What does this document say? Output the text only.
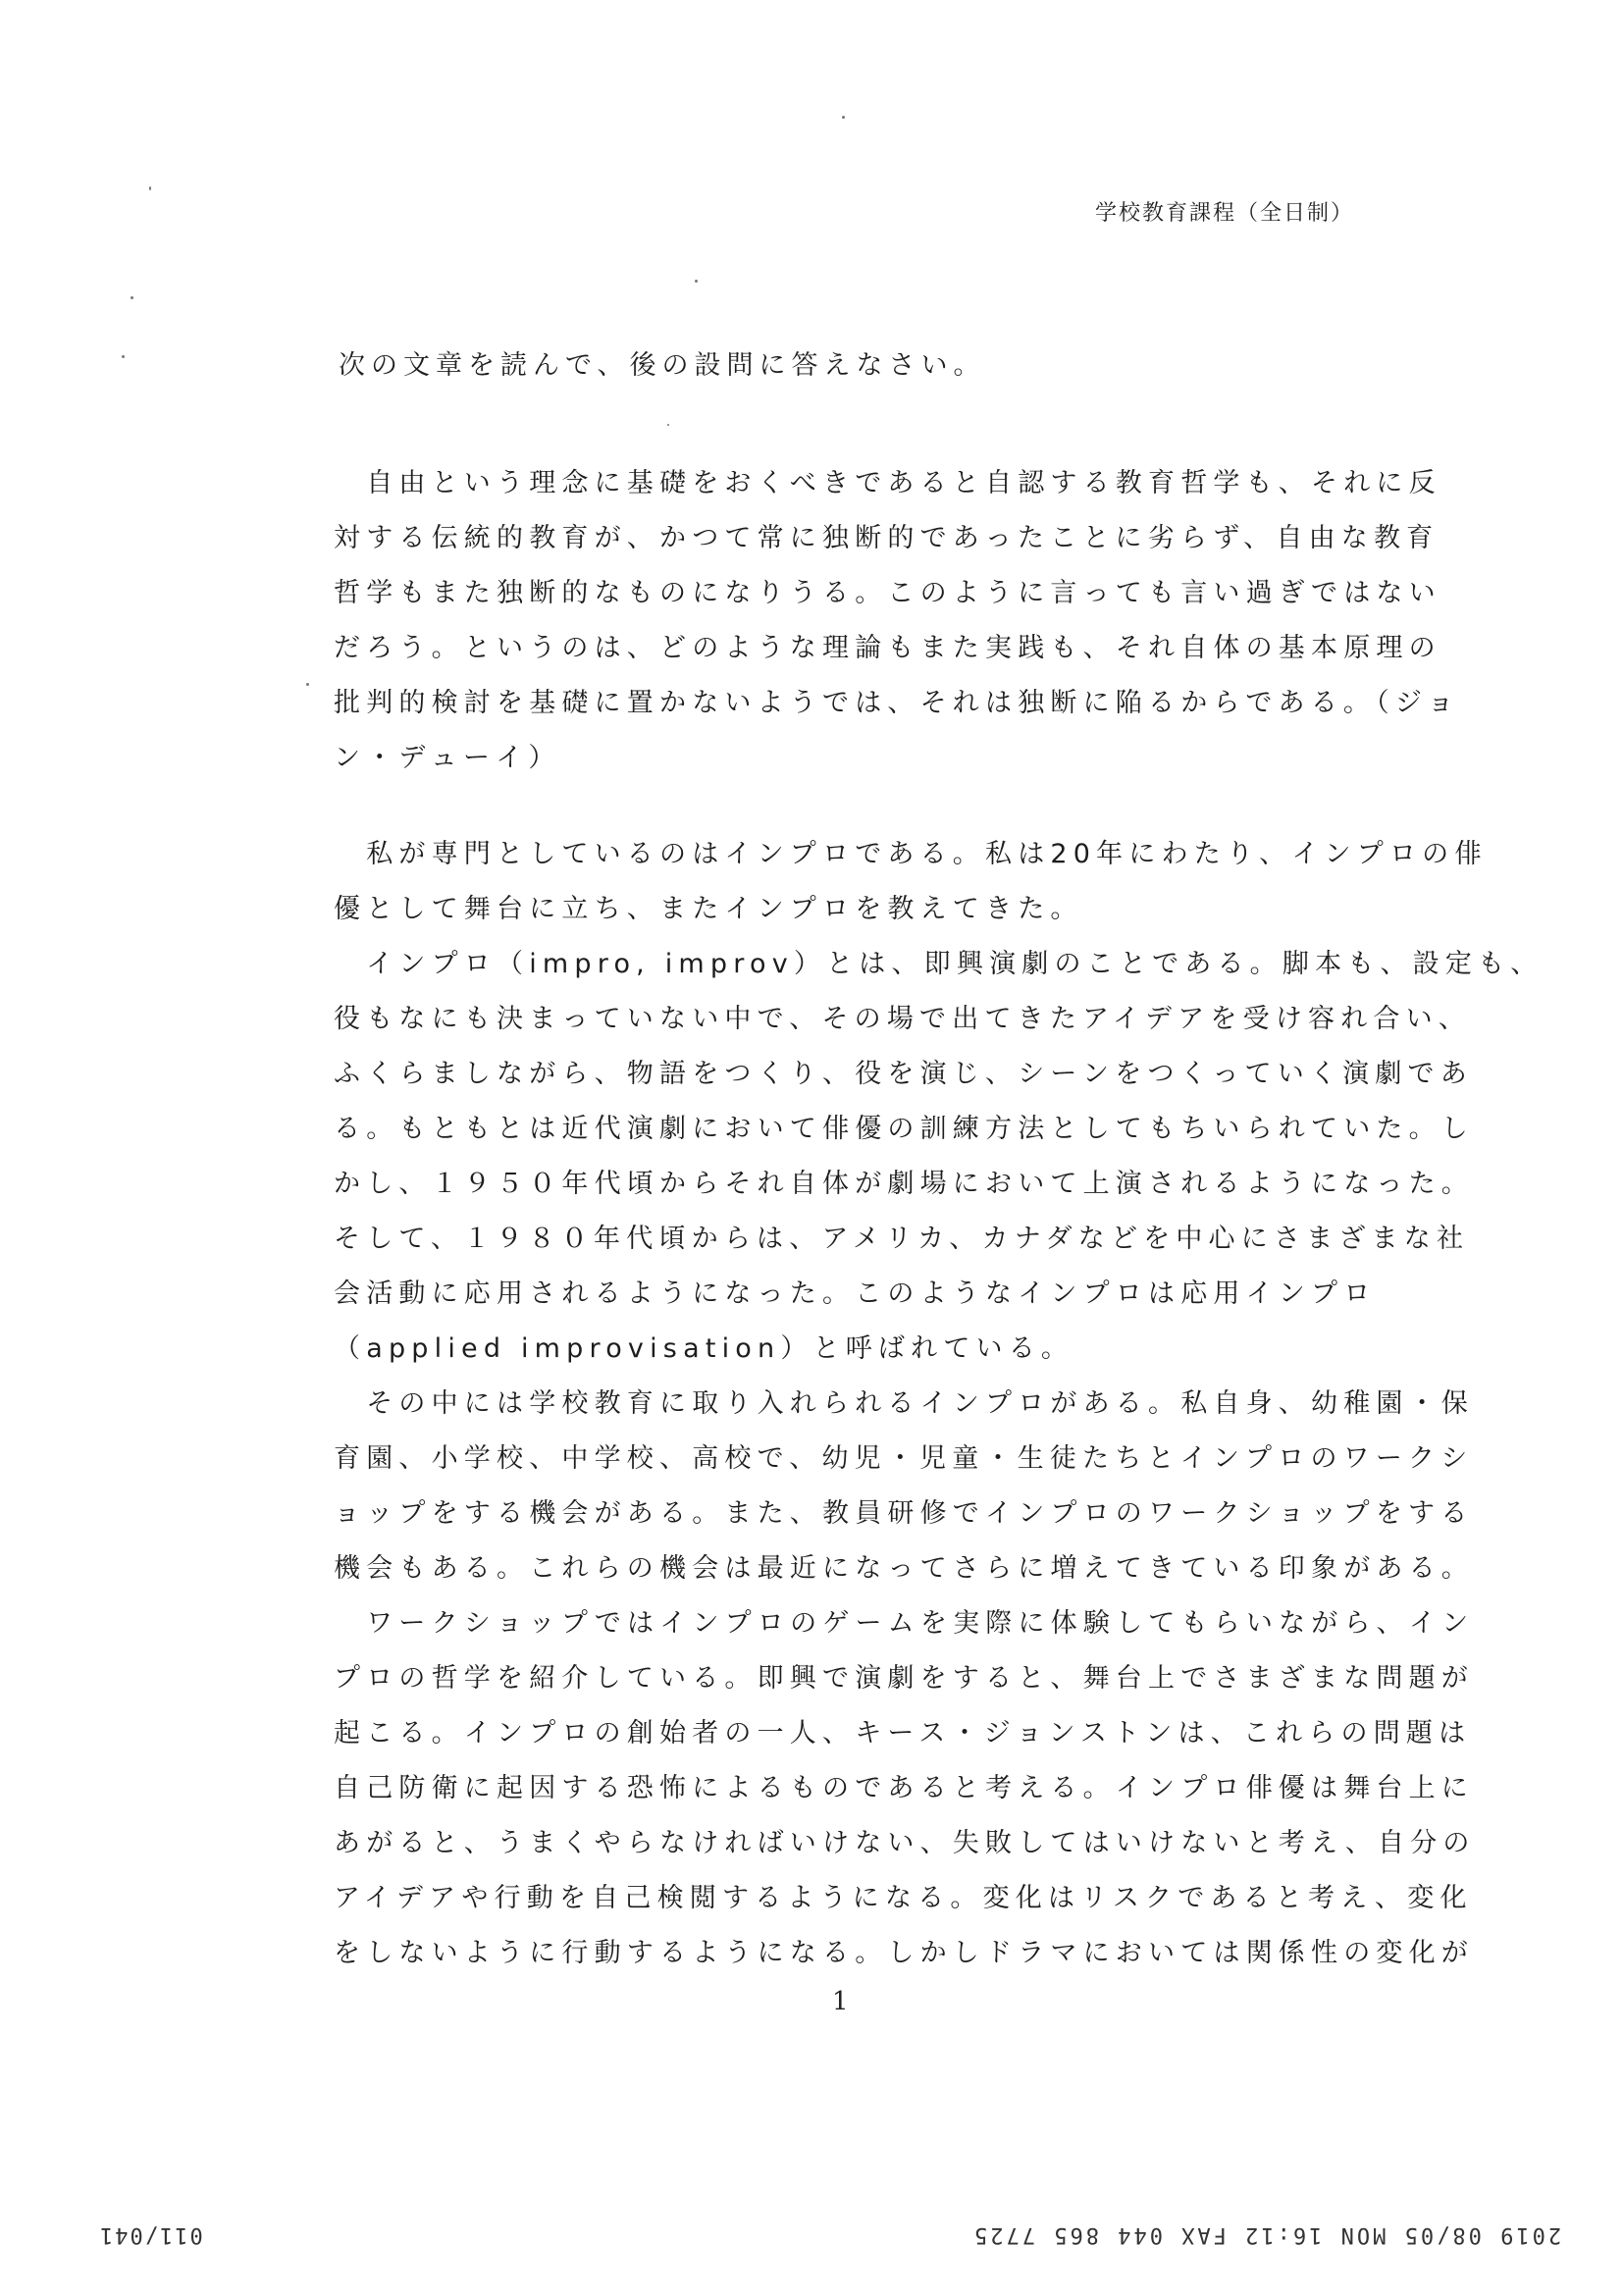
学校教育課程（全日制）
次の文章を読んで、後の設問に答えなさい。
　自由という理念に基礎をおくべきであると自認する教育哲学も、それに反
対する伝統的教育が、かつて常に独断的であったことに劣らず、自由な教育
哲学もまた独断的なものになりうる。このように言っても言い過ぎではない
だろう。というのは、どのような理論もまた実践も、それ自体の基本原理の
批判的検討を基礎に置かないようでは、それは独断に陥るからである。（ジョ
ン・デューイ）
　私が専門としているのはインプロである。私は20年にわたり、インプロの俳
優として舞台に立ち、またインプロを教えてきた。
　インプロ（impro, improv）とは、即興演劇のことである。脚本も、設定も、
役もなにも決まっていない中で、その場で出てきたアイデアを受け容れ合い、
ふくらましながら、物語をつくり、役を演じ、シーンをつくっていく演劇であ
る。もともとは近代演劇において俳優の訓練方法としてもちいられていた。し
かし、１９５０年代頃からそれ自体が劇場において上演されるようになった。
そして、１９８０年代頃からは、アメリカ、カナダなどを中心にさまざまな社
会活動に応用されるようになった。このようなインプロは応用インプロ
（applied improvisation）と呼ばれている。
　その中には学校教育に取り入れられるインプロがある。私自身、幼稚園・保
育園、小学校、中学校、高校で、幼児・児童・生徒たちとインプロのワークシ
ョップをする機会がある。また、教員研修でインプロのワークショップをする
機会もある。これらの機会は最近になってさらに増えてきている印象がある。
　ワークショップではインプロのゲームを実際に体験してもらいながら、イン
プロの哲学を紹介している。即興で演劇をすると、舞台上でさまざまな問題が
起こる。インプロの創始者の一人、キース・ジョンストンは、これらの問題は
自己防衛に起因する恐怖によるものであると考える。インプロ俳優は舞台上に
あがると、うまくやらなければいけない、失敗してはいけないと考え、自分の
アイデアや行動を自己検閲するようになる。変化はリスクであると考え、変化
をしないように行動するようになる。しかしドラマにおいては関係性の変化が
1
011/041	2019 08/05 MON 16:12 FAX 044 865 7725
